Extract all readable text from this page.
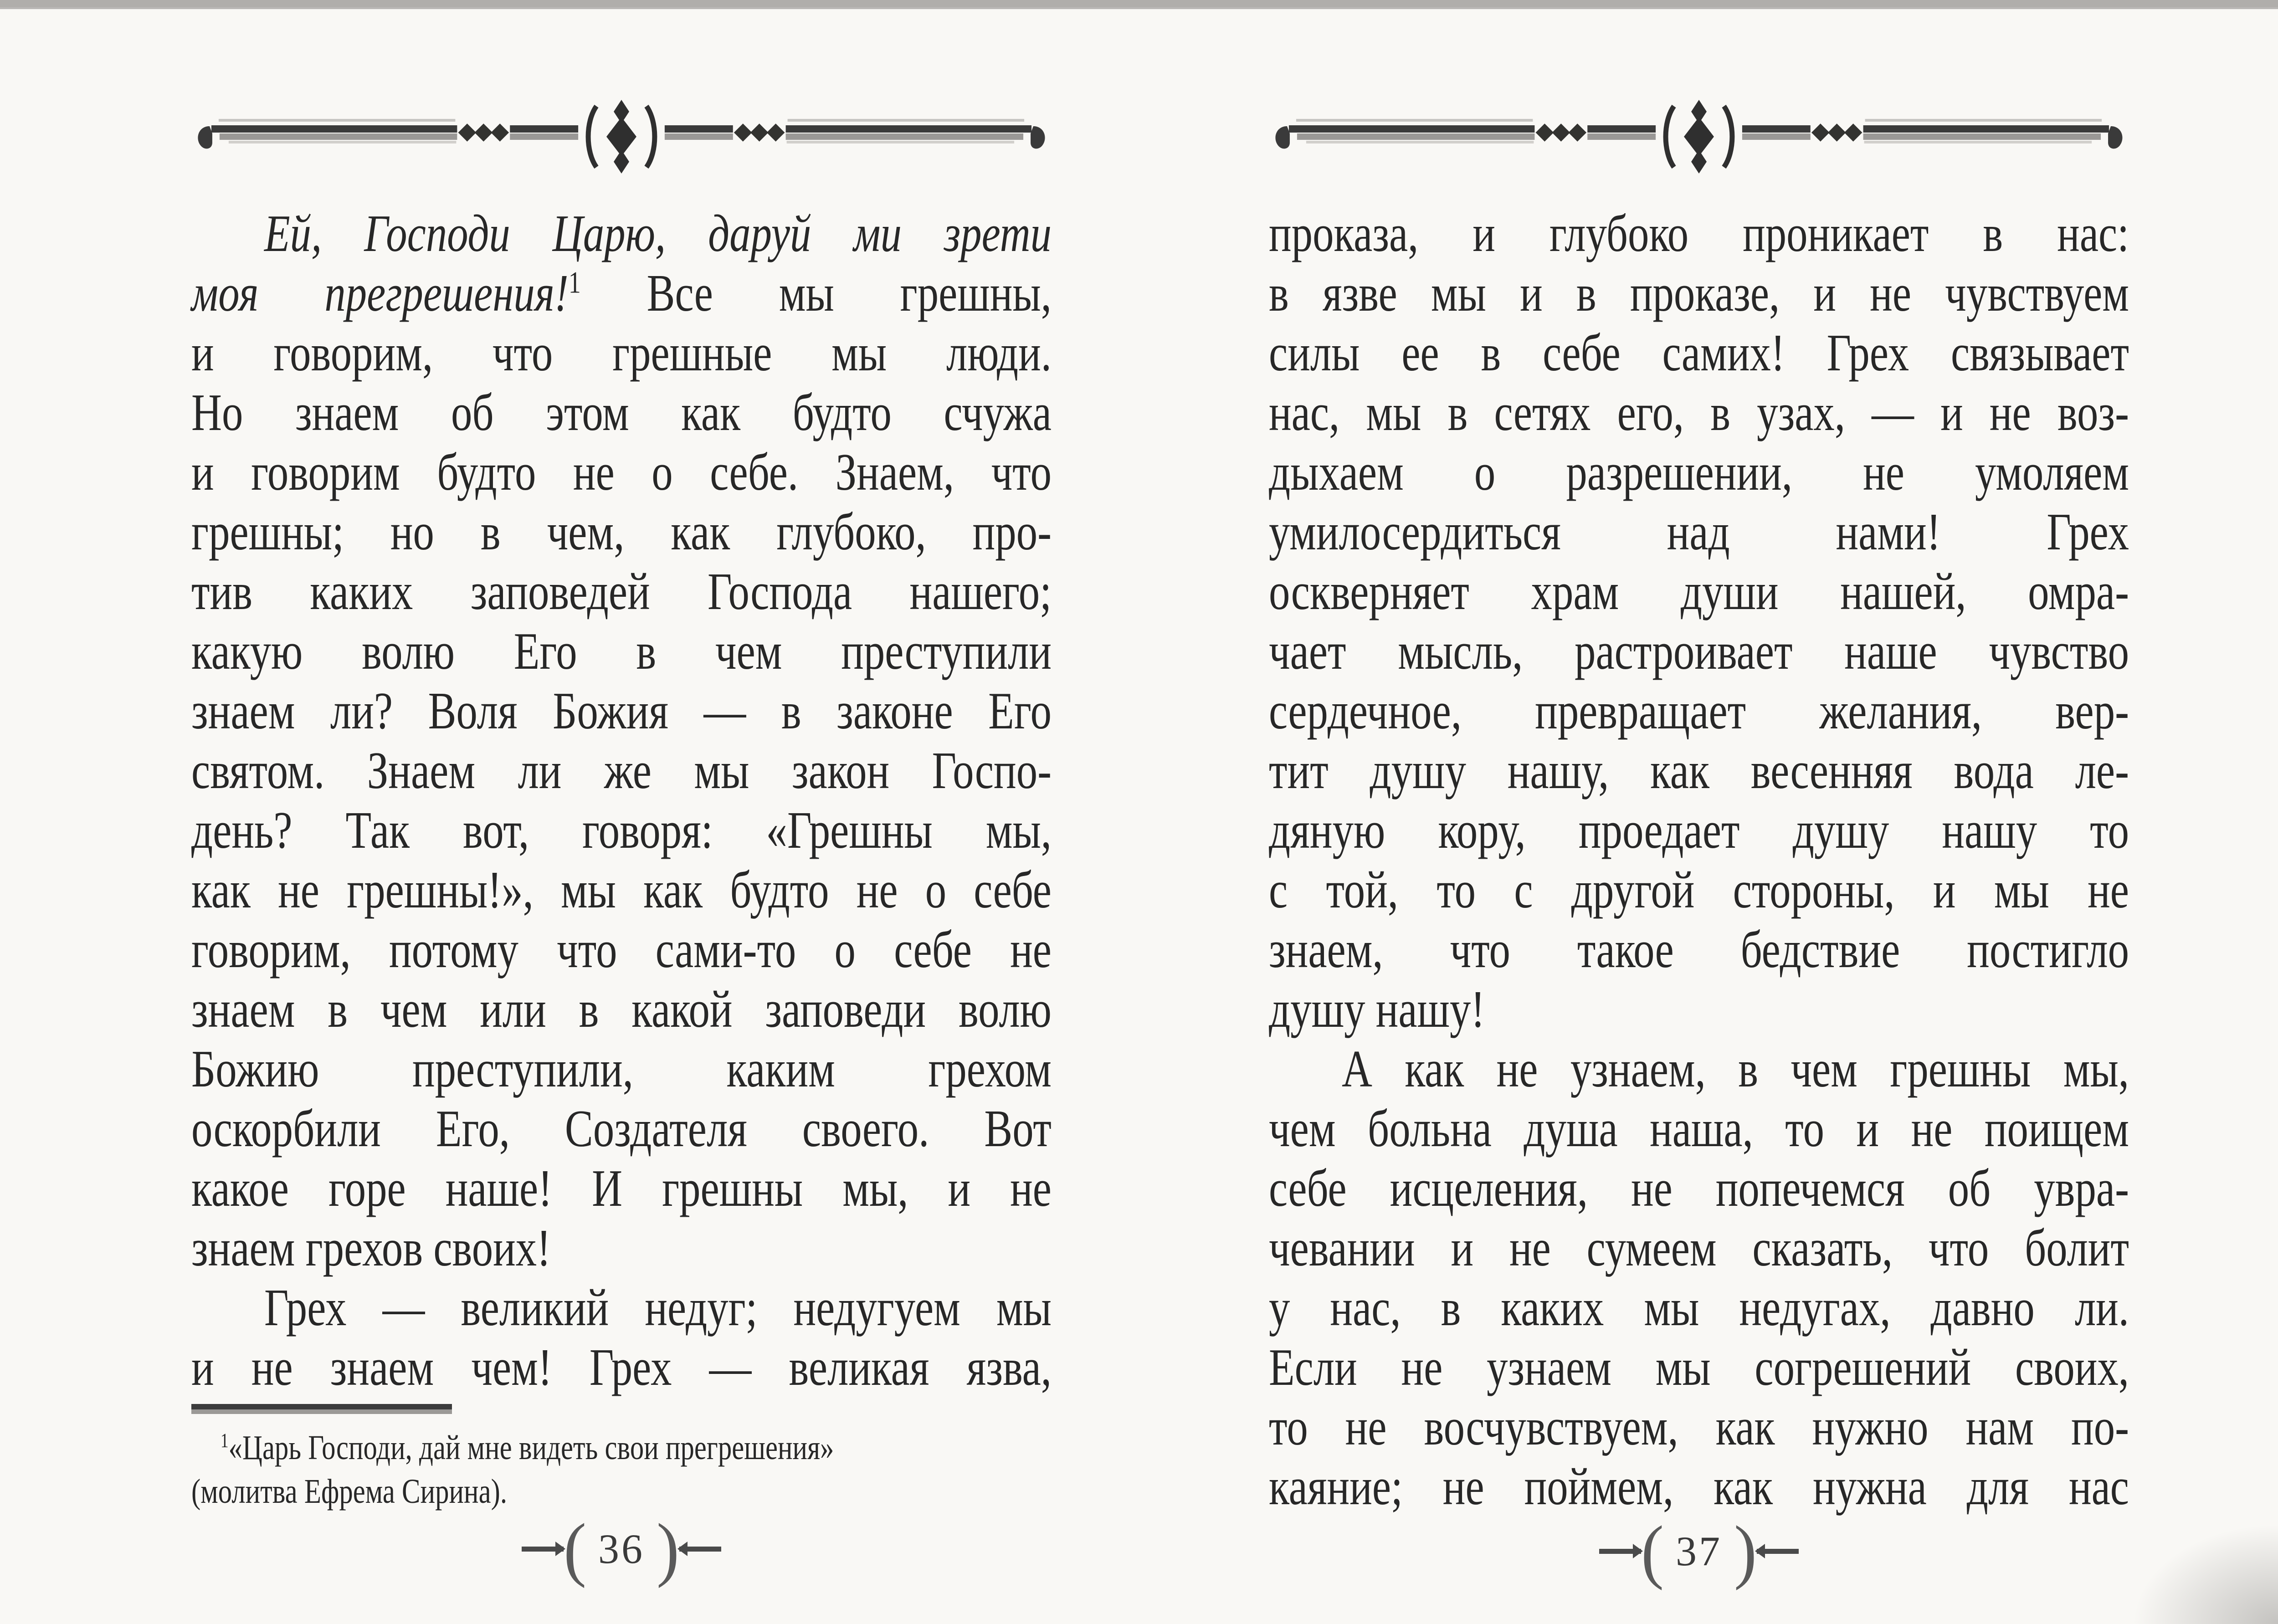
Ей, Господи Царю, даруй ми зрети
моя прегрешения!$^1$ Все мы грешны,
и говорим, что грешные мы люди.
Но знаем об этом как будто счужа
и говорим будто не о себе. Знаем, что
грешны; но в чем, как глубоко, про-
тив каких заповедей Господа нашего;
какую волю Его в чем преступили
знаем ли? Воля Божия — в законе Его
святом. Знаем ли же мы закон Госпо-
день? Так вот, говоря: «Грешны мы,
как не грешны!», мы как будто не о себе
говорим, потому что сами-то о себе не
знаем в чем или в какой заповеди волю
Божию преступили, каким грехом
оскорбили Его, Создателя своего. Вот
какое горе наше! И грешны мы, и не
знаем грехов своих!
Грех — великий недуг; недугуем мы
и не знаем чем! Грех — великая язва,
$^1$«Царь Господи, дай мне видеть свои прегрешения»
(молитва Ефрема Сирина).
проказа, и глубоко проникает в нас:
в язве мы и в проказе, и не чувствуем
силы ее в себе самих! Грех связывает
нас, мы в сетях его, в узах, — и не воз-
дыхаем о разрешении, не умоляем
умилосердиться над нами! Грех
оскверняет храм души нашей, омра-
чает мысль, растроивает наше чувство
сердечное, превращает желания, вер-
тит душу нашу, как весенняя вода ле-
дяную кору, проедает душу нашу то
с той, то с другой стороны, и мы не
знаем, что такое бедствие постигло
душу нашу!
А как не узнаем, в чем грешны мы,
чем больна душа наша, то и не поищем
себе исцеления, не попечемся об увра-
чевании и не сумеем сказать, что болит
у нас, в каких мы недугах, давно ли.
Если не узнаем мы согрешений своих,
то не восчувствуем, как нужно нам по-
каяние; не поймем, как нужна для нас
( 36 )	( 37 )
